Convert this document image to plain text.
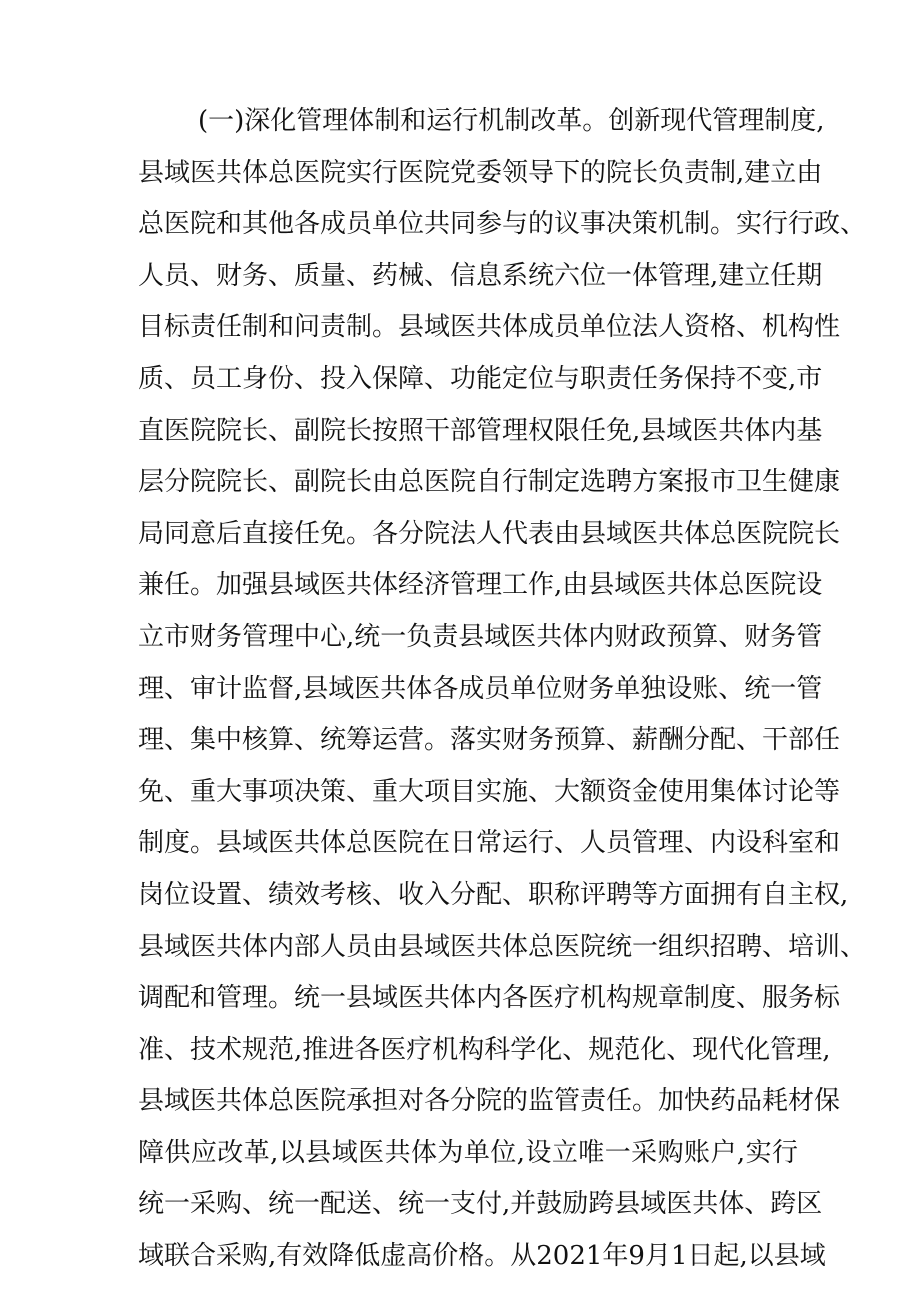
(一)深化管理体制和运行机制改革。创新现代管理制度,
县域医共体总医院实行医院党委领导下的院长负责制,建立由
总医院和其他各成员单位共同参与的议事决策机制。实行行政、
人员、财务、质量、药械、信息系统六位一体管理,建立任期
目标责任制和问责制。县域医共体成员单位法人资格、机构性
质、员工身份、投入保障、功能定位与职责任务保持不变,市
直医院院长、副院长按照干部管理权限任免,县域医共体内基
层分院院长、副院长由总医院自行制定选聘方案报市卫生健康
局同意后直接任免。各分院法人代表由县域医共体总医院院长
兼任。加强县域医共体经济管理工作,由县域医共体总医院设
立市财务管理中心,统一负责县域医共体内财政预算、财务管
理、审计监督,县域医共体各成员单位财务单独设账、统一管
理、集中核算、统筹运营。落实财务预算、薪酬分配、干部任
免、重大事项决策、重大项目实施、大额资金使用集体讨论等
制度。县域医共体总医院在日常运行、人员管理、内设科室和
岗位设置、绩效考核、收入分配、职称评聘等方面拥有自主权,
县域医共体内部人员由县域医共体总医院统一组织招聘、培训、
调配和管理。统一县域医共体内各医疗机构规章制度、服务标
准、技术规范,推进各医疗机构科学化、规范化、现代化管理,
县域医共体总医院承担对各分院的监管责任。加快药品耗材保
障供应改革,以县域医共体为单位,设立唯一采购账户,实行
统一采购、统一配送、统一支付,并鼓励跨县域医共体、跨区
域联合采购,有效降低虚高价格。从2021年9月1日起,以县域
